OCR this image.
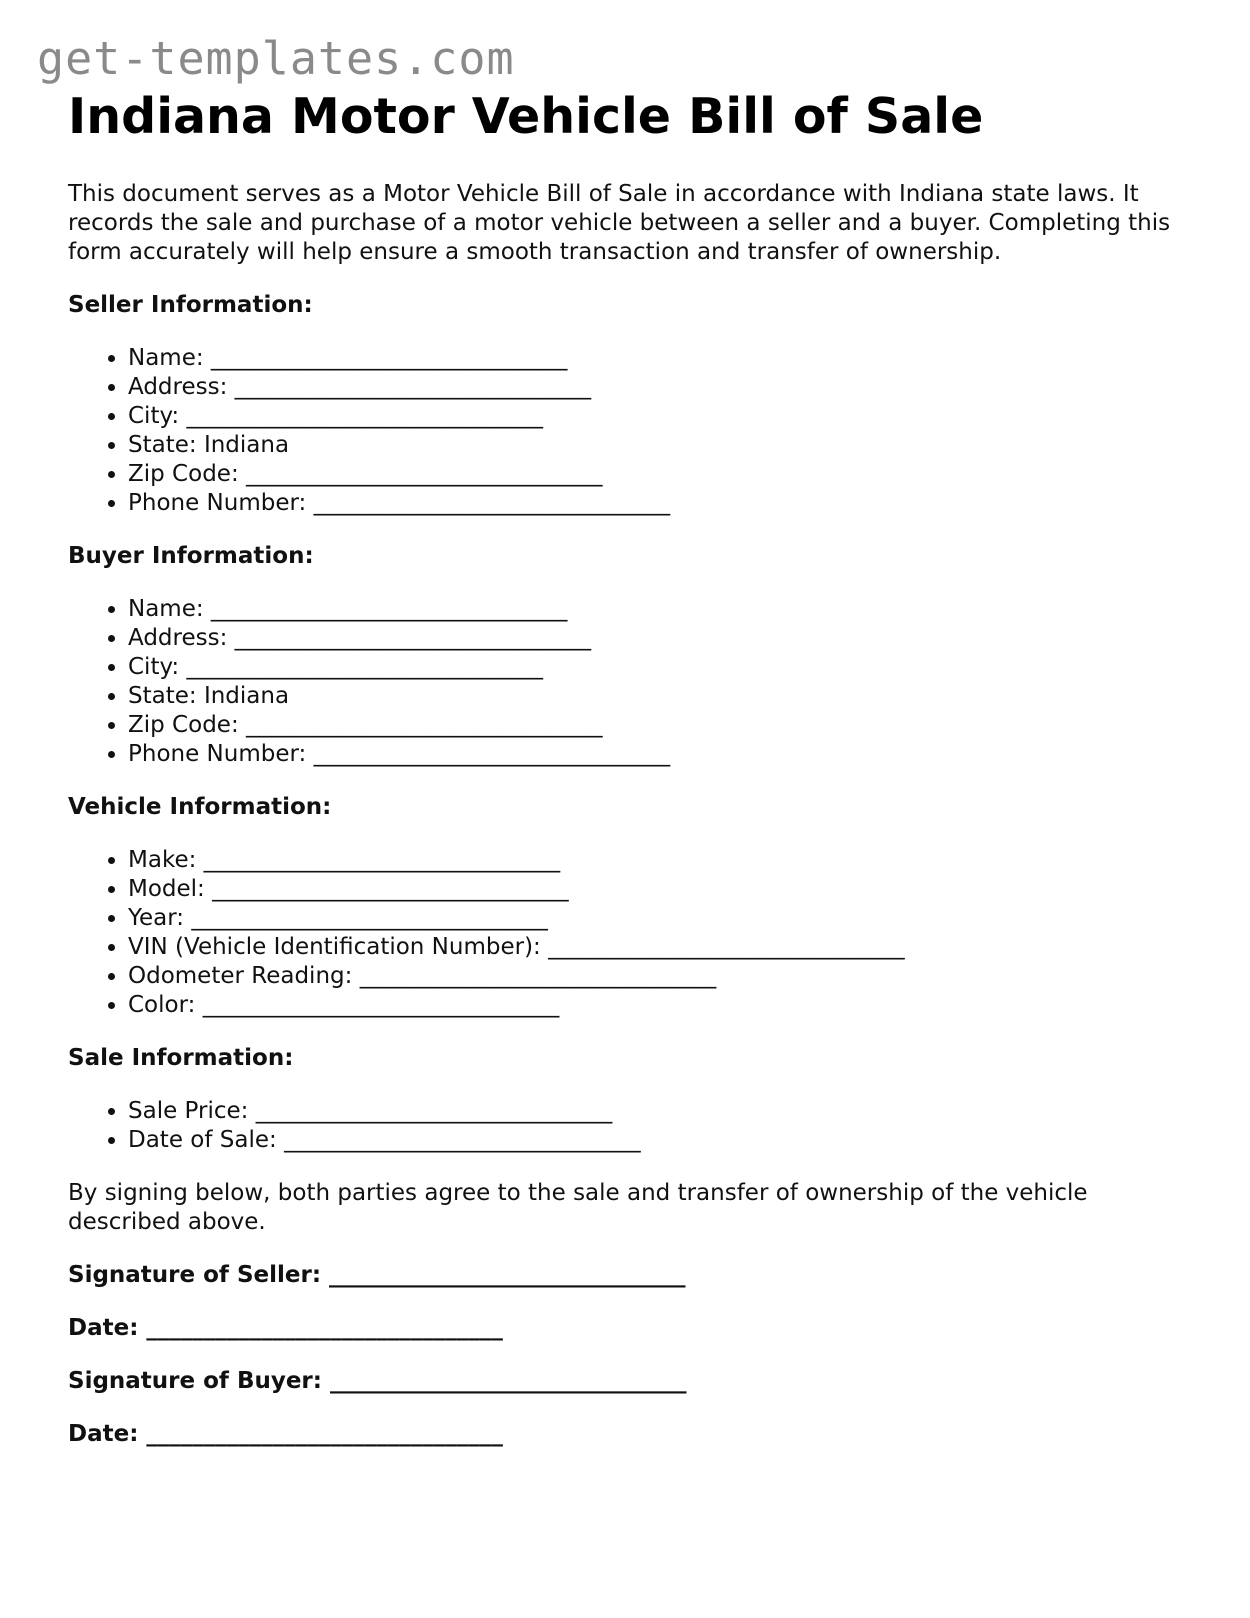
get-templates.com
Indiana Motor Vehicle Bill of Sale

This document serves as a Motor Vehicle Bill of Sale in accordance with Indiana state laws. It records the sale and purchase of a motor vehicle between a seller and a buyer. Completing this form accurately will help ensure a smooth transaction and transfer of ownership.

Seller Information:

• Name: _______________________________
• Address: _______________________________
• City: _______________________________
• State: Indiana
• Zip Code: _______________________________
• Phone Number: _______________________________

Buyer Information:

• Name: _______________________________
• Address: _______________________________
• City: _______________________________
• State: Indiana
• Zip Code: _______________________________
• Phone Number: _______________________________

Vehicle Information:

• Make: _______________________________
• Model: _______________________________
• Year: _______________________________
• VIN (Vehicle Identification Number): _______________________________
• Odometer Reading: _______________________________
• Color: _______________________________

Sale Information:

• Sale Price: _______________________________
• Date of Sale: _______________________________

By signing below, both parties agree to the sale and transfer of ownership of the vehicle described above.

Signature of Seller: _______________________________

Date: _______________________________

Signature of Buyer: _______________________________

Date: _______________________________
